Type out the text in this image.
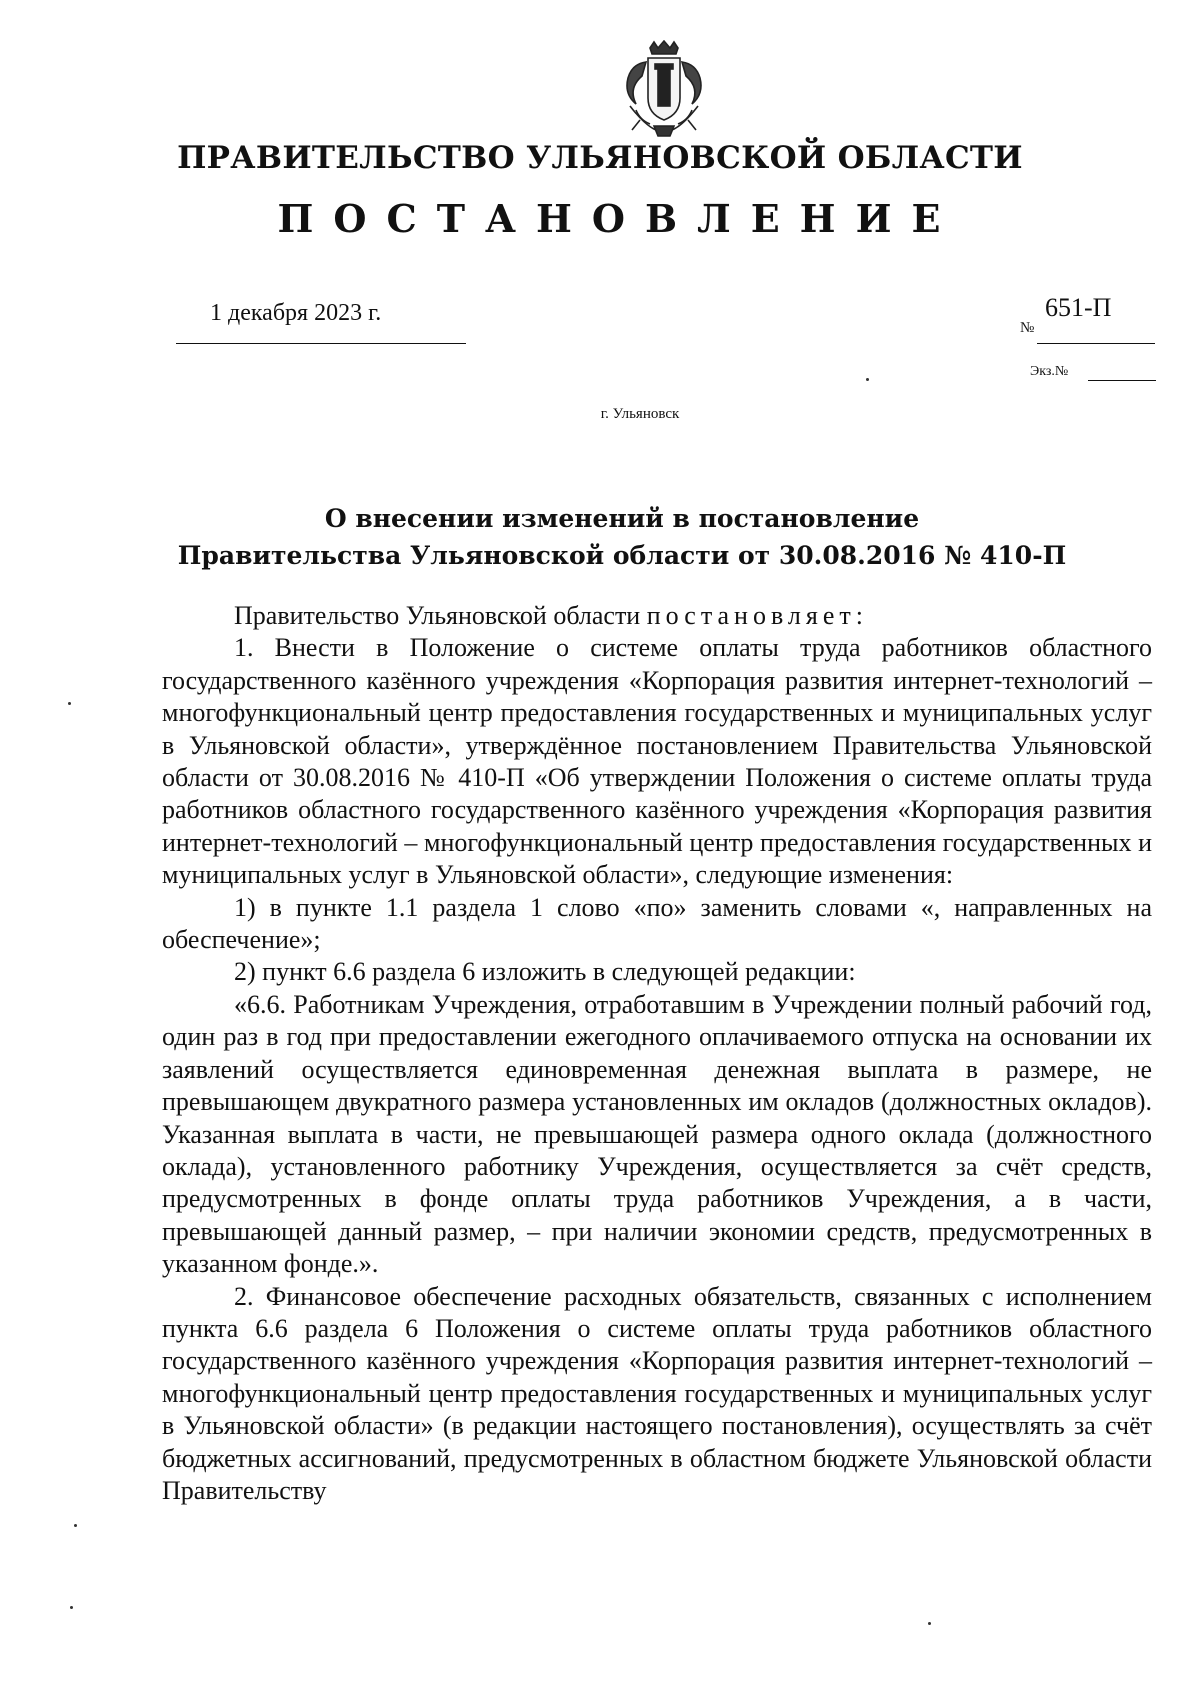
ПРАВИТЕЛЬСТВО УЛЬЯНОВСКОЙ ОБЛАСТИ
ПОСТАНОВЛЕНИЕ
1 декабря 2023 г.
№
651-П
Экз.№
г. Ульяновск
О внесении изменений в постановление
Правительства Ульяновской области от 30.08.2016 № 410-П

Правительство Ульяновской области постановляет:

1. Внести в Положение о системе оплаты труда работников областного государственного казённого учреждения «Корпорация развития интернет-технологий – многофункциональный центр предоставления государственных и муниципальных услуг в Ульяновской области», утверждённое постановлением Правительства Ульяновской области от 30.08.2016 № 410-П «Об утверждении Положения о системе оплаты труда работников областного государственного казённого учреждения «Корпорация развития интернет-технологий – многофункциональный центр предоставления государственных и муниципальных услуг в Ульяновской области», следующие изменения:

1) в пункте 1.1 раздела 1 слово «по» заменить словами «, направленных на обеспечение»;

2) пункт 6.6 раздела 6 изложить в следующей редакции:

«6.6. Работникам Учреждения, отработавшим в Учреждении полный рабочий год, один раз в год при предоставлении ежегодного оплачиваемого отпуска на основании их заявлений осуществляется единовременная денежная выплата в размере, не превышающем двукратного размера установленных им окладов (должностных окладов). Указанная выплата в части, не превышающей размера одного оклада (должностного оклада), установленного работнику Учреждения, осуществляется за счёт средств, предусмотренных в фонде оплаты труда работников Учреждения, а в части, превышающей данный размер, – при наличии экономии средств, предусмотренных в указанном фонде.».

2. Финансовое обеспечение расходных обязательств, связанных с исполнением пункта 6.6 раздела 6 Положения о системе оплаты труда работников областного государственного казённого учреждения «Корпорация развития интернет-технологий – многофункциональный центр предоставления государственных и муниципальных услуг в Ульяновской области» (в редакции настоящего постановления), осуществлять за счёт бюджетных ассигнований, предусмотренных в областном бюджете Ульяновской области Правительству
